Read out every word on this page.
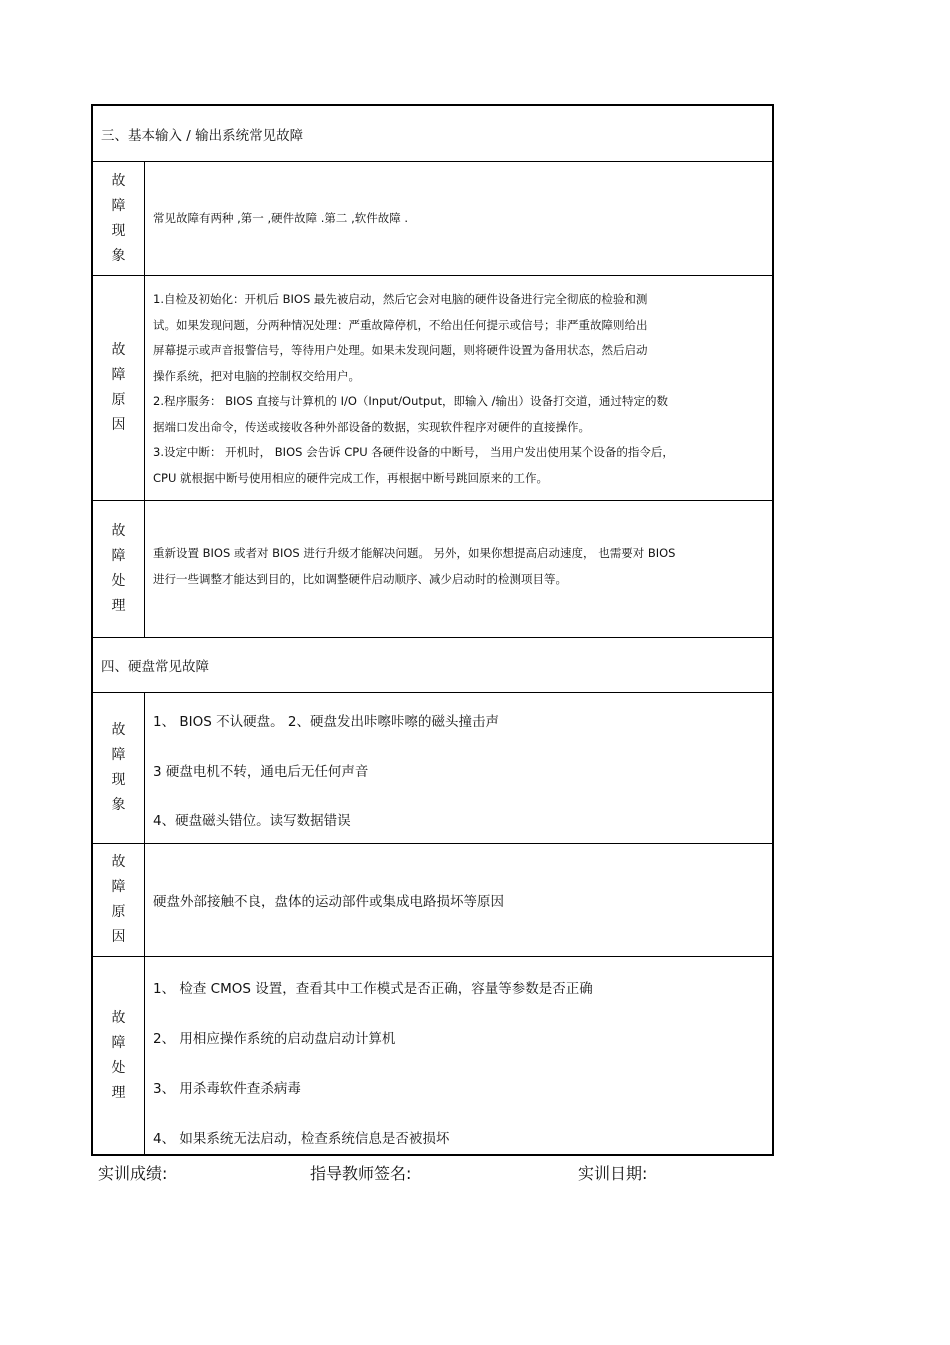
三、基本输入 / 输出系统常见故障
故
障
现
象
常见故障有两种 ,第一 ,硬件故障 .第二 ,软件故障 .
故
障
原
因
1.自检及初始化：开机后 BIOS 最先被启动，然后它会对电脑的硬件设备进行完全彻底的检验和测
试。如果发现问题，分两种情况处理：严重故障停机，不给出任何提示或信号；非严重故障则给出
屏幕提示或声音报警信号，等待用户处理。如果未发现问题，则将硬件设置为备用状态，然后启动
操作系统，把对电脑的控制权交给用户。
2.程序服务： BIOS 直接与计算机的 I/O（Input/Output，即输入 /输出）设备打交道，通过特定的数
据端口发出命令，传送或接收各种外部设备的数据，实现软件程序对硬件的直接操作。
3.设定中断： 开机时， BIOS 会告诉 CPU 各硬件设备的中断号， 当用户发出使用某个设备的指令后，
CPU 就根据中断号使用相应的硬件完成工作，再根据中断号跳回原来的工作。
故
障
处
理
重新设置 BIOS 或者对 BIOS 进行升级才能解决问题。 另外，如果你想提高启动速度， 也需要对 BIOS
进行一些调整才能达到目的，比如调整硬件启动顺序、减少启动时的检测项目等。
四、硬盘常见故障
故
障
现
象
1、 BIOS 不认硬盘。 2、硬盘发出咔嚓咔嚓的磁头撞击声
3 硬盘电机不转，通电后无任何声音
4、硬盘磁头错位。读写数据错误
故
障
原
因
硬盘外部接触不良，盘体的运动部件或集成电路损坏等原因
故
障
处
理
1、 检查 CMOS 设置，查看其中工作模式是否正确，容量等参数是否正确
2、 用相应操作系统的启动盘启动计算机
3、 用杀毒软件查杀病毒
4、 如果系统无法启动，检查系统信息是否被损坏
实训成绩:	指导教师签名:	实训日期:
